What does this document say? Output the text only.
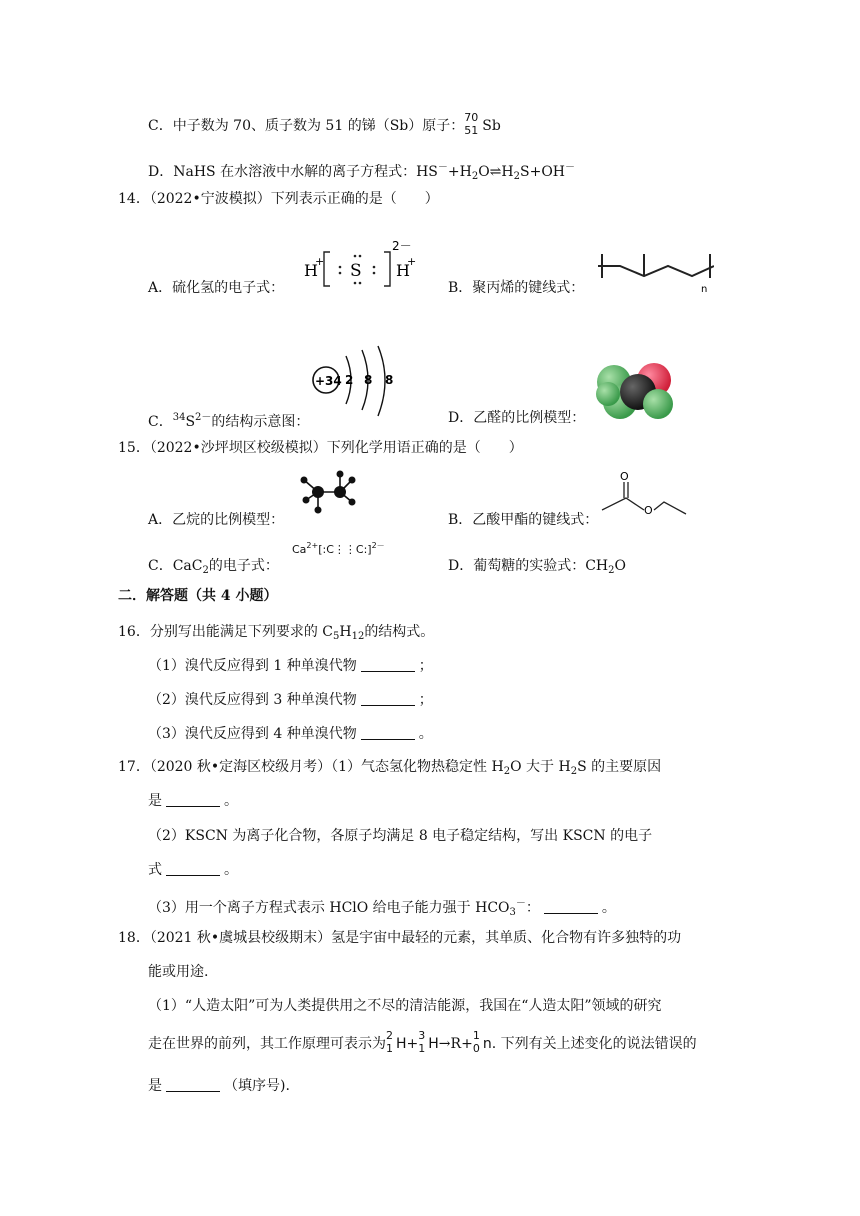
C．中子数为 70、质子数为 51 的锑（Sb）原子：
70
51 Sb
D．NaHS 在水溶液中水解的离子方程式：$HS^-+H_2O\rightleftharpoons H_2S+OH^-$
14．（2022•宁波模拟）下列表示正确的是（　　）
A．硫化氢的电子式：
H
+ S
2－
H
+
B．聚丙烯的键线式：	n
C．$^{34}S^{2-}$的结构示意图：
+34 2 8 8
D．乙醛的比例模型：
15．（2022•沙坪坝区校级模拟）下列化学用语正确的是（　　）
A．乙烷的比例模型：	B．乙酸甲酯的键线式：
O
O
C．CaC$_2$的电子式：
$Ca^{2+}[:C⋮⋮C:]^{2-}$
D．葡萄糖的实验式：$CH_2O$
二．解答题（共 4 小题）
16．分别写出能满足下列要求的 $C_5H_{12}$的结构式。
（1）溴代反应得到 1 种单溴代物	；
（2）溴代反应得到 3 种单溴代物	；
（3）溴代反应得到 4 种单溴代物	。
17．（2020 秋•定海区校级月考）（1）气态氢化物热稳定性 $H_2O$ 大于 $H_2S$ 的主要原因
是	。
（2）KSCN 为离子化合物，各原子均满足 8 电子稳定结构，写出 KSCN 的电子
式	。
（3）用一个离子方程式表示 HClO 给电子能力强于 $HCO_3^-$：	。
18．（2021 秋•虞城县校级期末）氢是宇宙中最轻的元素，其单质、化合物有许多独特的功
能或用途.
（1）“人造太阳”可为人类提供用之不尽的清洁能源，我国在“人造太阳”领域的研究
走在世界的前列，其工作原理可表示为
2
1 H+
3
1 H→R+
1
0 n. 下列有关上述变化的说法错误的
是	（填序号).
